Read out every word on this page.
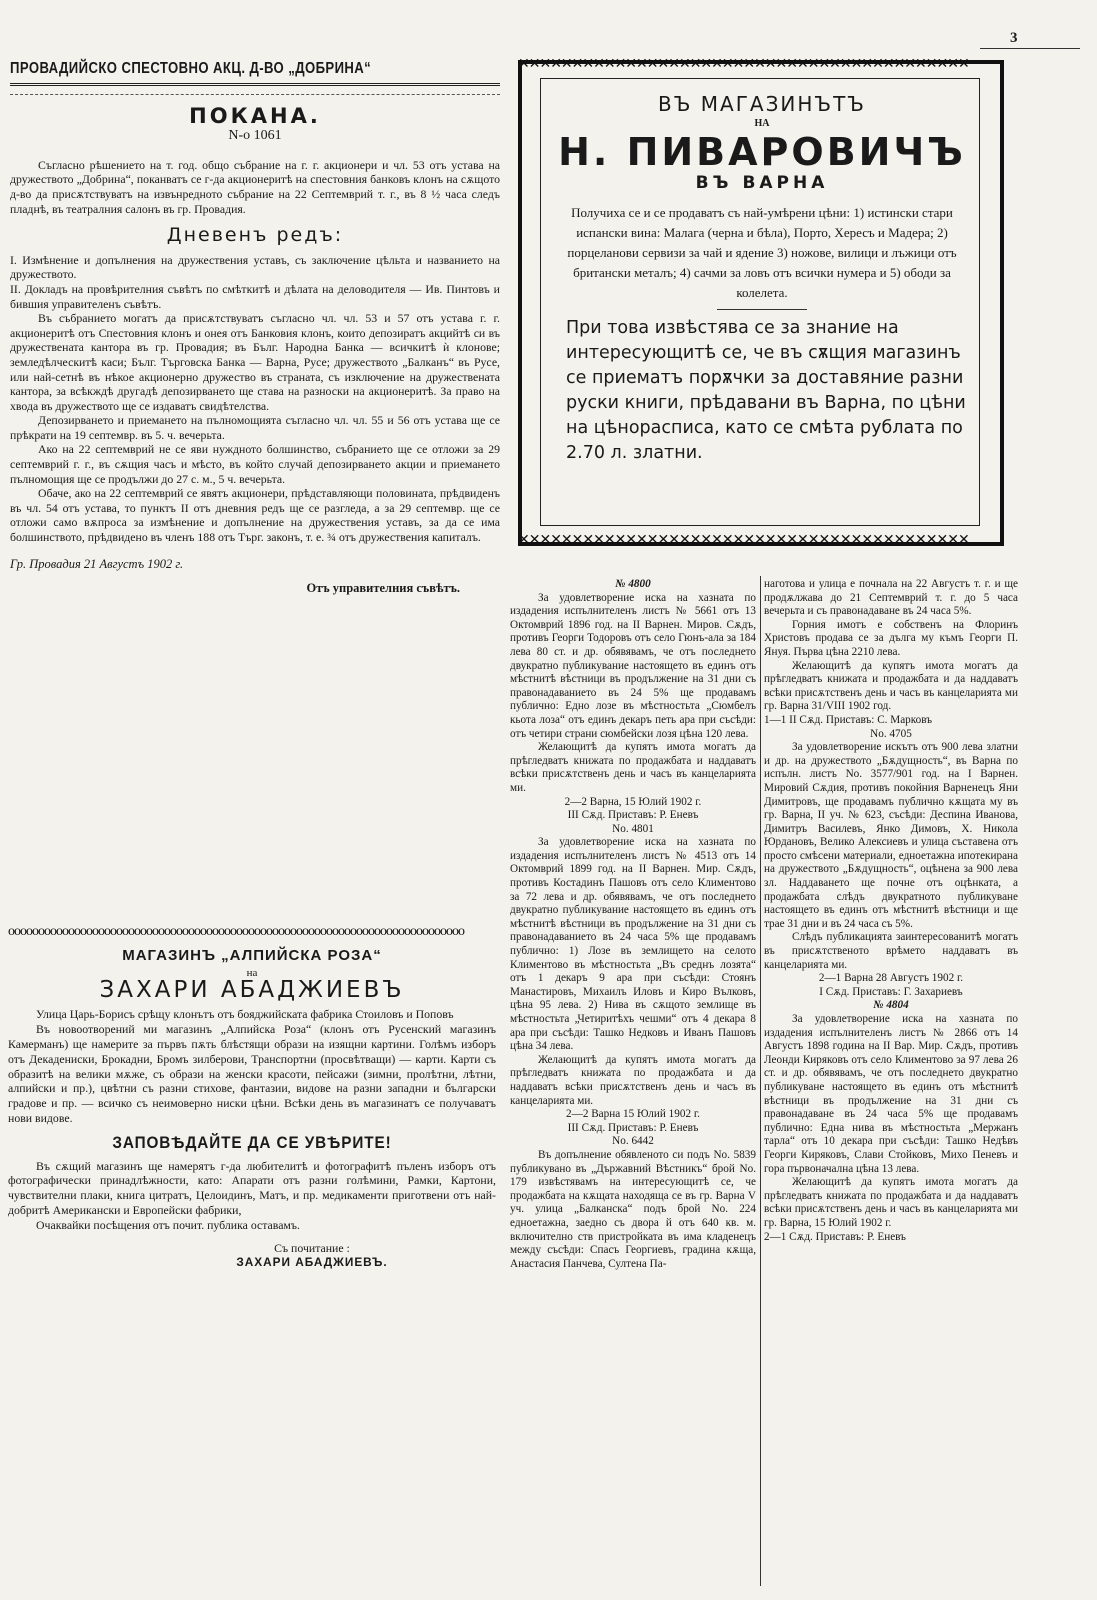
3
ПРОВАДИЙСКО СПЕСТОВНО АКЦ. Д-ВО „ДОБРИНА“
ПОКАНА.
N-о 1061

Съгласно рѣшението на т. год. общо събрание на г. г. акционери и чл. 53 отъ устава на дружеството „Добрина“, поканватъ се г-да акционеритѣ на спестовния банковъ клонъ на сѫщото д-во да присѫтствуватъ на извънредното събрание на 22 Септемврий т. г., въ 8 ½ часа следъ пладнѣ, въ театралния салонъ въ гр. Провадия.

Дневенъ редъ:

I. Измѣнение и допълнения на дружествения уставъ, съ заключение цѣльта и названието на дружеството.

II. Докладъ на провѣрителния съвѣтъ по смѣткитѣ и дѣлата на деловодителя — Ив. Пинтовъ и бившия управителенъ съвѣтъ.

Въ събранието могатъ да присѫтствуватъ съгласно чл. чл. 53 и 57 отъ устава г. г. акционеритѣ отъ Спестовния клонъ и онея отъ Банковия клонъ, които депозиратъ акцийтѣ си въ дружествената кантора въ гр. Провадия; въ Бълг. Народна Банка — всичкитѣ ѝ клонове; земледѣлческитѣ каси; Бълг. Търговска Банка — Варна, Русе; дружеството „Балканъ“ въ Русе, или най-сетнѣ въ нѣкое акционерно дружество въ страната, съ изключение на дружествената кантора, за всѣкждѣ другадѣ депозирването ще става на разноски на акционеритѣ. За право на хвода въ дружеството ще се издаватъ свидѣтелства.

Депозирването и приемането на пълномощията съгласно чл. чл. 55 и 56 отъ устава ще се прѣкрати на 19 септемвр. въ 5. ч. вечерьта.

Ако на 22 септемврий не се яви нуждното болшинство, събранието ще се отложи за 29 септемврий г. г., въ сѫщия часъ и мѣсто, въ който случай депозирването акции и приемането пълномощия ще се продължи до 27 с. м., 5 ч. вечерьта.

Обаче, ако на 22 септемврий се явятъ акционери, прѣдставляющи половината, прѣдвиденъ въ чл. 54 отъ устава, то пунктъ II отъ дневния редъ ще се разгледа, а за 29 септемвр. ще се отложи само вѫпроса за измѣнение и допълнение на дружествения уставъ, за да се има болшинството, прѣдвидено въ членъ 188 отъ Търг. законъ, т. е. ¾ отъ дружествения капиталъ.

Гр. Провадия 21 Августъ 1902 г.
Отъ управителния съвѣтъ.
oooooooooooooooooooooooooooooooooooooooooooooooooooooooooooooooooooooooooooo
МАГАЗИНЪ „АЛПИЙСКА РОЗА“
на
ЗАХАРИ АБАДЖИЕВЪ

Улица Царь-Борисъ срѣщу клонътъ отъ бояджийската фабрика Стоиловъ и Поповъ

Въ новоотворений ми магазинъ „Алпийска Роза“ (клонъ отъ Русенский магазинъ Камерманъ) ще намерите за първъ пѫть блѣстящи образи на изящни картини. Голѣмъ изборъ отъ Декадениски, Брокадни, Бромъ зилберови, Транспортни (просвѣтващи) — карти. Карти съ образитѣ на велики мѫже, съ образи на женски красоти, пейсажи (зимни, пролѣтни, лѣтни, алпийски и пр.), цвѣтни съ разни стихове, фантазии, видове на разни западни и български градове и пр. — всичко съ неимоверно ниски цѣни. Всѣки день въ магазинатъ се получаватъ нови видове.

ЗАПОВѢДАЙТЕ ДА СЕ УВѢРИТЕ!

Въ сѫщий магазинъ ще намерятъ г-да любителитѣ и фотографитѣ пъленъ изборъ отъ фотографически принадлѣжности, като: Апарати отъ разни голѣмини, Рамки, Картони, чувствителни плаки, книга цитратъ, Целоидинъ, Матъ, и пр. медикаменти приготвени отъ най-добритѣ Американски и Европейски фабрики,

Очаквайки посѣщения отъ почит. публика оставамъ.

Съ почитание :
ЗАХАРИ АБАДЖИЕВЪ.
✕✕✕✕✕✕✕✕✕✕✕✕✕✕✕✕✕✕✕✕✕✕✕✕✕✕✕✕✕✕✕✕✕✕✕✕✕✕✕✕✕✕
✕✕✕✕✕✕✕✕✕✕✕✕✕✕✕✕✕✕✕✕✕✕✕✕✕✕✕✕✕✕✕✕✕✕✕✕✕✕✕✕✕✕
ВЪ МАГАЗИНЪТЪ
НА
Н. ПИВАРОВИЧЪ
ВЪ ВАРНА
Получиха се и се продаватъ съ най-умѣрени цѣни: 1) истински стари испански вина: Малага (черна и бѣла), Порто, Хересъ и Мадера; 2) порцеланови сервизи за чай и ядение 3) ножове, вилици и лъжици отъ британски металъ; 4) сачми за ловъ отъ всички нумера и 5) ободи за колелета.
При това извѣстява се за знание на интересующитѣ се, че въ сѫщия магазинъ се приематъ порѫчки за доставяние разни руски книги, прѣдавани въ Варна, по цѣни на цѣнораспиcа, като се смѣта рублата по 2.70 л. златни.
№ 4800

За удовлетворение иска на хазната по издадения испълнителенъ листъ № 5661 отъ 13 Октомврий 1896 год. на II Варнен. Миров. Сѫдъ, противъ Георги Тодоровъ отъ село Гюнъ-ала за 184 лева 80 ст. и др. обявявамъ, че отъ последнето двукратно публикувание настоящето въ единъ отъ мѣстнитѣ вѣстници въ продължение на 31 дни съ правонадаванието въ 24 5% ще продавамъ публично: Едно лозе въ мѣстностьта „Сюмбелъ кьота лоза“ отъ единъ декаръ петь ара при съсѣди: отъ четири страни сюмбейски лозя цѣна 120 лева.

Желающитѣ да купятъ имота могатъ да прѣгледватъ книжата по продажбата и наддаватъ всѣки присѫтственъ день и часъ въ канцеларията ми.

2—2 Варна, 15 Юлий 1902 г.
III Сѫд. Приставъ: Р. Еневъ
No. 4801

За удовлетворение иска на хазната по издадения испълнителенъ листъ № 4513 отъ 14 Октомврий 1899 год. на II Варнен. Мир. Сѫдъ, противъ Костадинъ Пашовъ отъ село Климентово за 72 лева и др. обявявамъ, че отъ последнето двукратно публикувание настоящето въ единъ отъ мѣстнитѣ вѣстници въ продължение на 31 дни съ правонадаванието въ 24 часа 5% ще продавамъ публично: 1) Лозе въ землището на селото Климентово въ мѣстностьта „Въ среднъ лозята“ отъ 1 декаръ 9 ара при съсѣди: Стоянъ Манастировъ, Михаилъ Иловъ и Киро Вълковъ, цѣна 95 лева. 2) Нива въ сѫщото землище въ мѣстностьта „Четиритѣхъ чешми“ отъ 4 декара 8 ара при съсѣди: Ташко Недковъ и Иванъ Пашовъ цѣна 34 лева.

Желающитѣ да купятъ имота могатъ да прѣгледватъ книжата по продажбата и да наддаватъ всѣки присѫтственъ день и часъ въ канцеларията ми.

2—2 Варна 15 Юлий 1902 г.
III Сѫд. Приставъ: Р. Еневъ
No. 6442

Въ допълнение обявленото си подъ No. 5839 публикувано въ „Държавний Вѣстникъ“ брой No. 179 извѣстявамъ на интересующитѣ се, че продажбата на кѫщата находяща се въ гр. Варна V уч. улица „Балканска“ подъ брой No. 224 едноетажна, заедно съ двора й отъ 640 кв. м. включително ств пристройката въ има кладенецъ между съсѣди: Спасъ Георгиевъ, градина кѫща, Анастасия Панчева, Султена Па-

наготова и улица е почнала на 22 Августъ т. г. и ще продѫлжава до 21 Септемврий т. г. до 5 часа вечерьта и съ правонадаване въ 24 часа 5%.

Горния имотъ е собственъ на Флоринъ Христовъ продава се за дълга му къмъ Георги П. Януя. Първа цѣна 2210 лева.

Желающитѣ да купятъ имота могатъ да прѣгледватъ книжата и продажбата и да наддаватъ всѣки присѫтственъ день и часъ въ канцеларията ми гр. Варна 31/VIII 1902 год.

1—1 II Сѫд. Приставъ: С. Марковъ
No. 4705

За удовлетворение искътъ отъ 900 лева златни и др. на дружеството „Бѫдущность“, въ Варна по испълн. листъ No. 3577/901 год. на I Варнен. Мировий Сѫдия, противъ покойния Варненецъ Яни Димитровъ, ще продавамъ публично кѫщата му въ гр. Варна, II уч. № 623, съсѣди: Деспина Иванова, Димитръ Василевъ, Янко Димовъ, Х. Никола Юрдановъ, Велико Алексиевъ и улица съставена отъ просто смѣсени материали, едноетажна ипотекирана на дружеството „Бѫдущность“, оцѣнена за 900 лева зл. Наддаването ще почне отъ оцѣнката, а продажбата слѣдъ двукратното публикуване настоящето въ единъ отъ мѣстнитѣ вѣстници и ще трае 31 дни и въ 24 часа съ 5%.

Слѣдъ публикацията заинтересованитѣ могатъ въ присѫтственото врѣмето наддаватъ въ канцеларията ми.

2—1 Варна 28 Августъ 1902 г.
I Сѫд. Приставъ: Г. Захариевъ
№ 4804

За удовлетворение иска на хазната по издадения испълнителенъ листъ № 2866 отъ 14 Августъ 1898 година на II Вар. Мир. Сѫдъ, противъ Леонди Киряковъ отъ село Климентово за 97 лева 26 ст. и др. обявявамъ, че отъ последнето двукратно публикуване настоящето въ единъ отъ мѣстнитѣ вѣстници въ продължение на 31 дни съ правонадаване въ 24 часа 5% ще продавамъ публично: Една нива въ мѣстностьта „Мержанъ тарла“ отъ 10 декара при съсѣди: Ташко Недѣвъ Георги Киряковъ, Слави Стойковъ, Михо Пеневъ и гора първоначална цѣна 13 лева.

Желающитѣ да купятъ имота могатъ да прѣгледватъ книжата по продажбата и да наддаватъ всѣки присѫтственъ день и часъ въ канцеларията ми гр. Варна, 15 Юлий 1902 г.

2—1 Сѫд. Приставъ: Р. Еневъ
